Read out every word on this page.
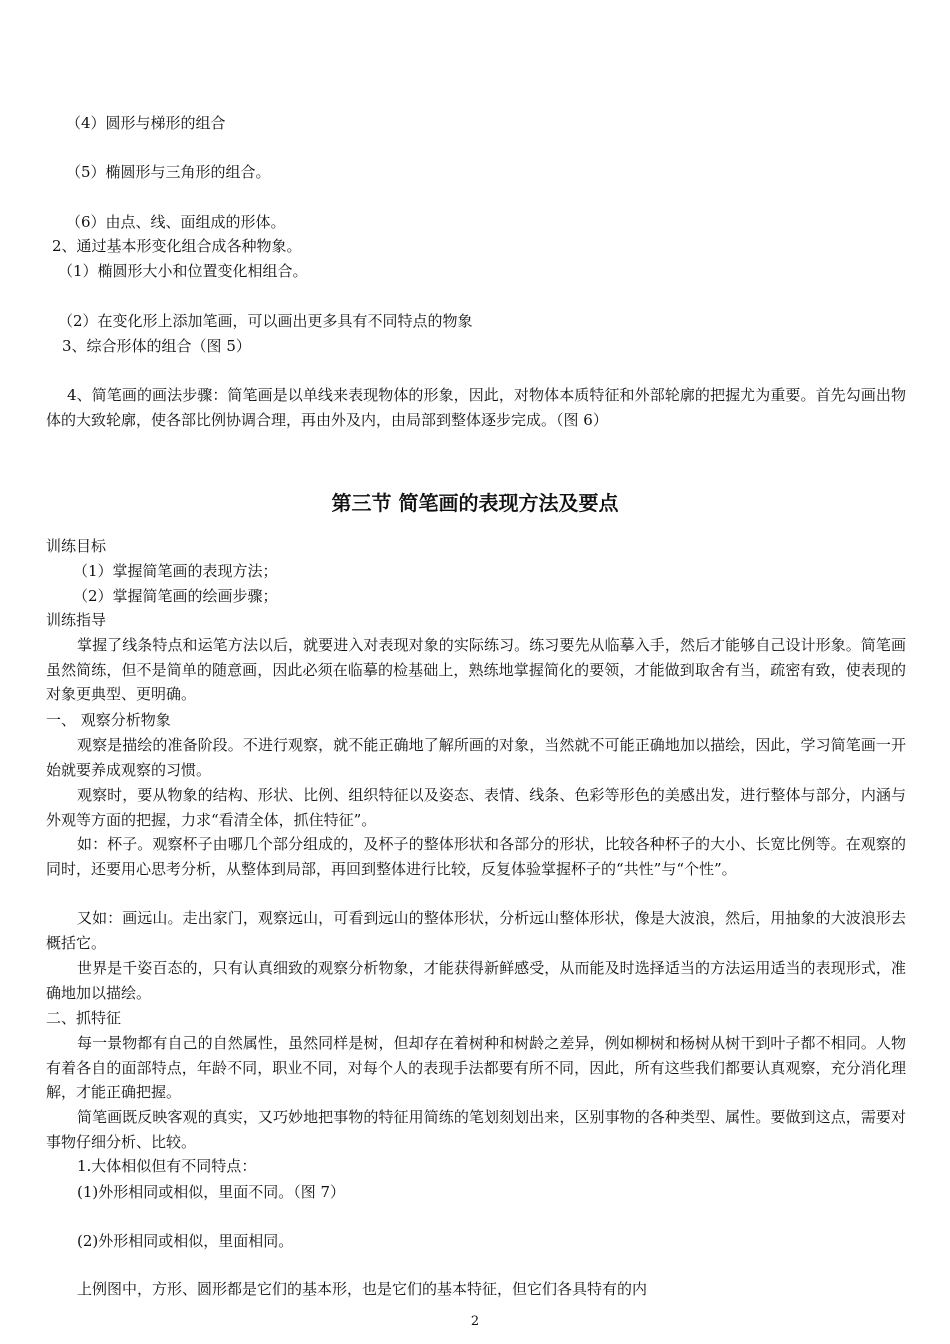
（4）圆形与梯形的组合
（5）椭圆形与三角形的组合。
（6）由点、线、面组成的形体。
2、通过基本形变化组合成各种物象。
（1）椭圆形大小和位置变化相组合。
（2）在变化形上添加笔画，可以画出更多具有不同特点的物象
3、综合形体的组合（图 5）
4、简笔画的画法步骤：简笔画是以单线来表现物体的形象，因此，对物体本质特征和外部轮廓的把握尤为重要。首先勾画出物体的大致轮廓，使各部比例协调合理，再由外及内，由局部到整体逐步完成。（图 6）
第三节 简笔画的表现方法及要点
训练目标
（1）掌握简笔画的表现方法；
（2）掌握简笔画的绘画步骤；
训练指导
掌握了线条特点和运笔方法以后，就要进入对表现对象的实际练习。练习要先从临摹入手，然后才能够自己设计形象。简笔画虽然简练，但不是简单的随意画，因此必须在临摹的检基础上，熟练地掌握简化的要领，才能做到取舍有当，疏密有致，使表现的对象更典型、更明确。
一、 观察分析物象
观察是描绘的准备阶段。不进行观察，就不能正确地了解所画的对象，当然就不可能正确地加以描绘，因此，学习简笔画一开始就要养成观察的习惯。
观察时，要从物象的结构、形状、比例、组织特征以及姿态、表情、线条、色彩等形色的美感出发，进行整体与部分，内涵与外观等方面的把握，力求“看清全体，抓住特征”。
如：杯子。观察杯子由哪几个部分组成的，及杯子的整体形状和各部分的形状，比较各种杯子的大小、长宽比例等。在观察的同时，还要用心思考分析，从整体到局部，再回到整体进行比较，反复体验掌握杯子的“共性”与“个性”。
又如：画远山。走出家门，观察远山，可看到远山的整体形状，分析远山整体形状，像是大波浪，然后，用抽象的大波浪形去概括它。
世界是千姿百态的，只有认真细致的观察分析物象，才能获得新鲜感受，从而能及时选择适当的方法运用适当的表现形式，准确地加以描绘。
二、抓特征
每一景物都有自己的自然属性，虽然同样是树，但却存在着树种和树龄之差异，例如柳树和杨树从树干到叶子都不相同。人物有着各自的面部特点，年龄不同，职业不同，对每个人的表现手法都要有所不同，因此，所有这些我们都要认真观察，充分消化理解，才能正确把握。
简笔画既反映客观的真实，又巧妙地把事物的特征用简练的笔划刻划出来，区别事物的各种类型、属性。要做到这点，需要对事物仔细分析、比较。
1.大体相似但有不同特点：
(1)外形相同或相似，里面不同。（图 7）
(2)外形相同或相似，里面相同。
上例图中，方形、圆形都是它们的基本形，也是它们的基本特征，但它们各具特有的内
2
